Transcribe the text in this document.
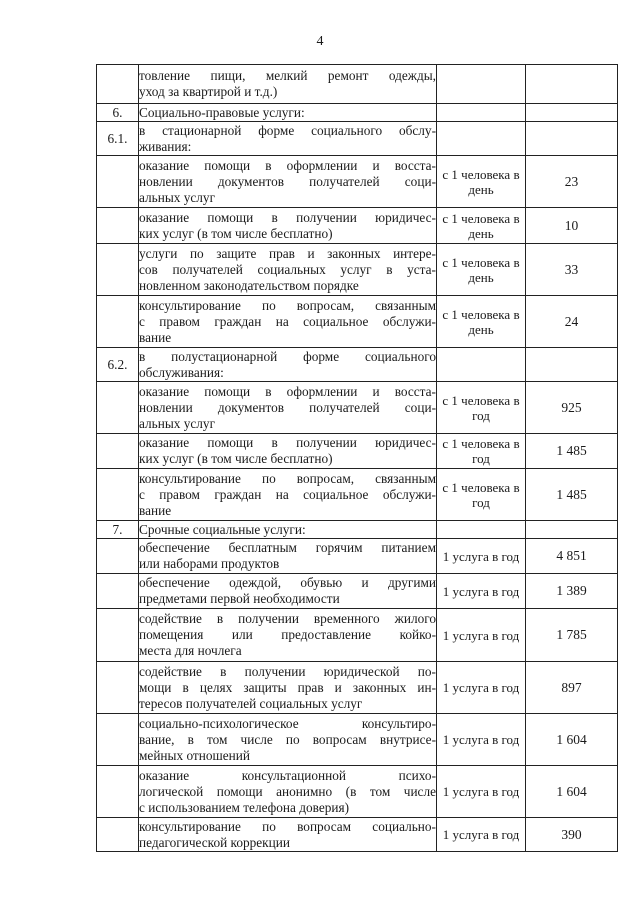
4

	товление пищи, мелкий ремонт одежды,
уход за квартирой и т.д.)		

6.	Социально-правовые услуги:		

6.1.	в стационарной форме социального обслу-
живания:		

	оказание помощи в оформлении и восста-
новлении документов получателей соци-
альных услуг	с 1 человека в день	23

	оказание помощи в получении юридичес-
ких услуг (в том числе бесплатно)	с 1 человека в день	10

	услуги по защите прав и законных интере-
сов получателей социальных услуг в уста-
новленном законодательством порядке	с 1 человека в день	33

	консультирование по вопросам, связанным
с правом граждан на социальное обслужи-
вание	с 1 человека в день	24
6.2.	в полустационарной форме социального
обслуживания:		

	оказание помощи в оформлении и восста-
новлении документов получателей соци-
альных услуг	с 1 человека в год	925

	оказание помощи в получении юридичес-
ких услуг (в том числе бесплатно)	с 1 человека в год	1 485

	консультирование по вопросам, связанным
с правом граждан на социальное обслужи-
вание	с 1 человека в год	1 485
7.	Срочные социальные услуги:		

	обеспечение бесплатным горячим питанием
или наборами продуктов	1 услуга в год	4 851

	обеспечение одеждой, обувью и другими
предметами первой необходимости	1 услуга в год	1 389

	содействие в получении временного жилого
помещения или предоставление койко-
места для ночлега	1 услуга в год	1 785

	содействие в получении юридической по-
мощи в целях защиты прав и законных ин-
тересов получателей социальных услуг	1 услуга в год	897

	социально-психологическое консультиро-
вание, в том числе по вопросам внутрисе-
мейных отношений	1 услуга в год	1 604

	оказание консультационной психо-
логической помощи анонимно (в том числе
с использованием телефона доверия)	1 услуга в год	1 604

	консультирование по вопросам социально-
педагогической коррекции	1 услуга в год	390
